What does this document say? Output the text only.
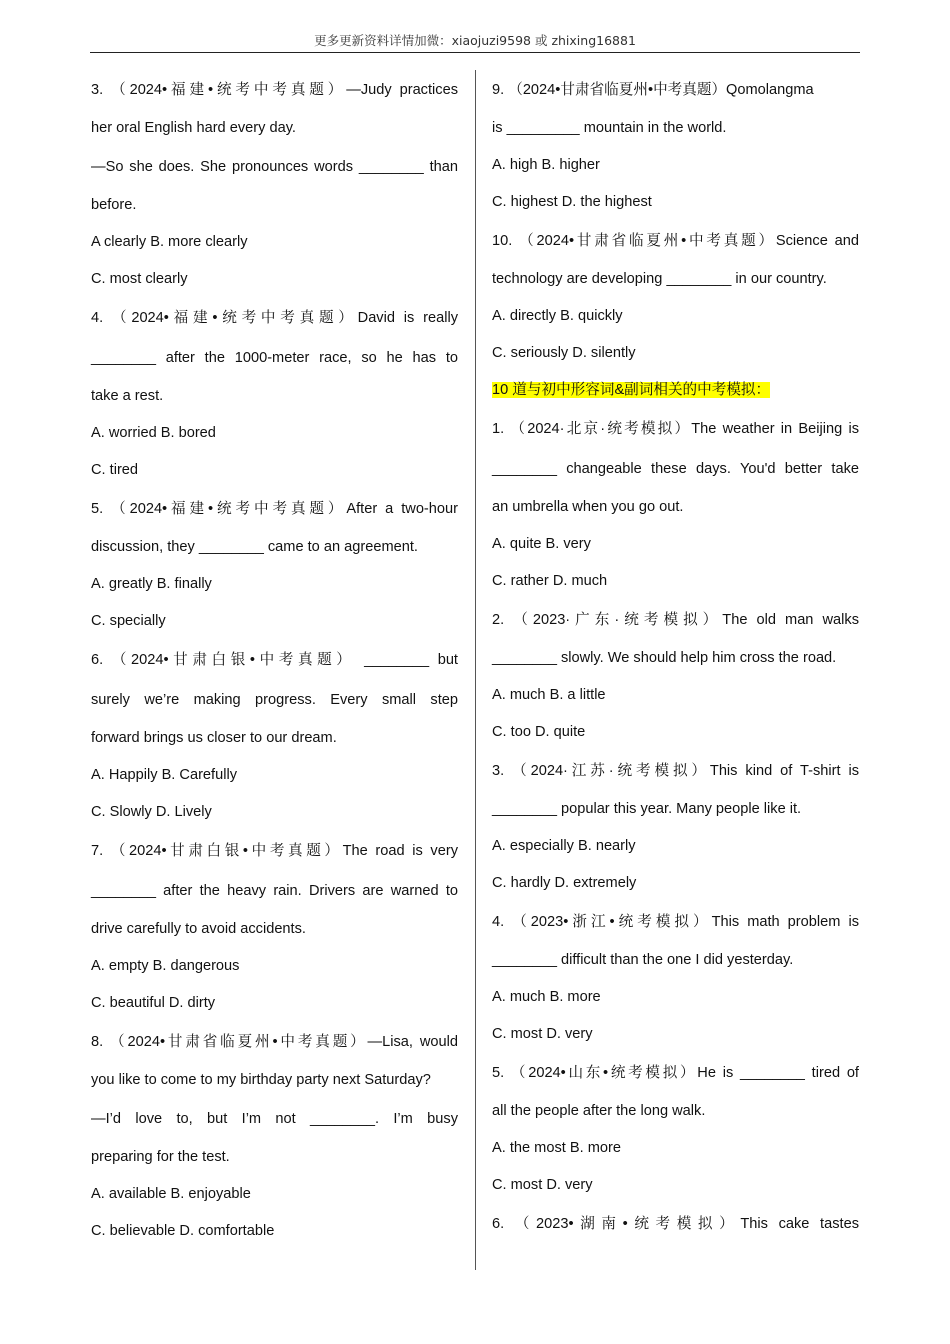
更多更新资料详情加微：xiaojuzi9598 或 zhixing16881
3. （2024•福建•统考中考真题）—Judy practices
her oral English hard every day.
—So she does. She pronounces words ________ than
before.
A clearly B. more clearly
C. most clearly
4. （2024•福建•统考中考真题）David is really
________ after the 1000-meter race, so he has to
take a rest.
A. worried B. bored
C. tired
5. （2024•福建•统考中考真题）After a two-hour
discussion, they ________ came to an agreement.
A. greatly B. finally
C. specially
6. （2024•甘肃白银•中考真题） ________ but
surely we’re making progress. Every small step
forward brings us closer to our dream.
A. Happily B. Carefully
C. Slowly D. Lively
7. （2024•甘肃白银•中考真题）The road is very
________ after the heavy rain. Drivers are warned to
drive carefully to avoid accidents.
A. empty B. dangerous
C. beautiful D. dirty
8. （2024•甘肃省临夏州•中考真题）—Lisa, would
you like to come to my birthday party next Saturday?
—I’d love to, but I’m not ________. I’m busy
preparing for the test.
A. available B. enjoyable
C. believable D. comfortable
9. （2024•甘肃省临夏州•中考真题）Qomolangma
is _________ mountain in the world.
A. high B. higher
C. highest D. the highest
10. （2024•甘肃省临夏州•中考真题）Science and
technology are developing ________ in our country.
A. directly B. quickly
C. seriously D. silently
10 道与初中形容词&副词相关的中考模拟：
1. （2024·北京·统考模拟）The weather in Beijing is
________ changeable these days. You'd better take
an umbrella when you go out.
A. quite B. very
C. rather D. much
2. （2023·广东·统考模拟）The old man walks
________ slowly. We should help him cross the road.
A. much B. a little
C. too D. quite
3. （2024·江苏·统考模拟）This kind of T-shirt is
________ popular this year. Many people like it.
A. especially B. nearly
C. hardly D. extremely
4. （2023•浙江•统考模拟）This math problem is
________ difficult than the one I did yesterday.
A. much B. more
C. most D. very
5. （2024•山东•统考模拟）He is ________ tired of
all the people after the long walk.
A. the most B. more
C. most D. very
6. （2023•湖南•统考模拟）This cake tastes
